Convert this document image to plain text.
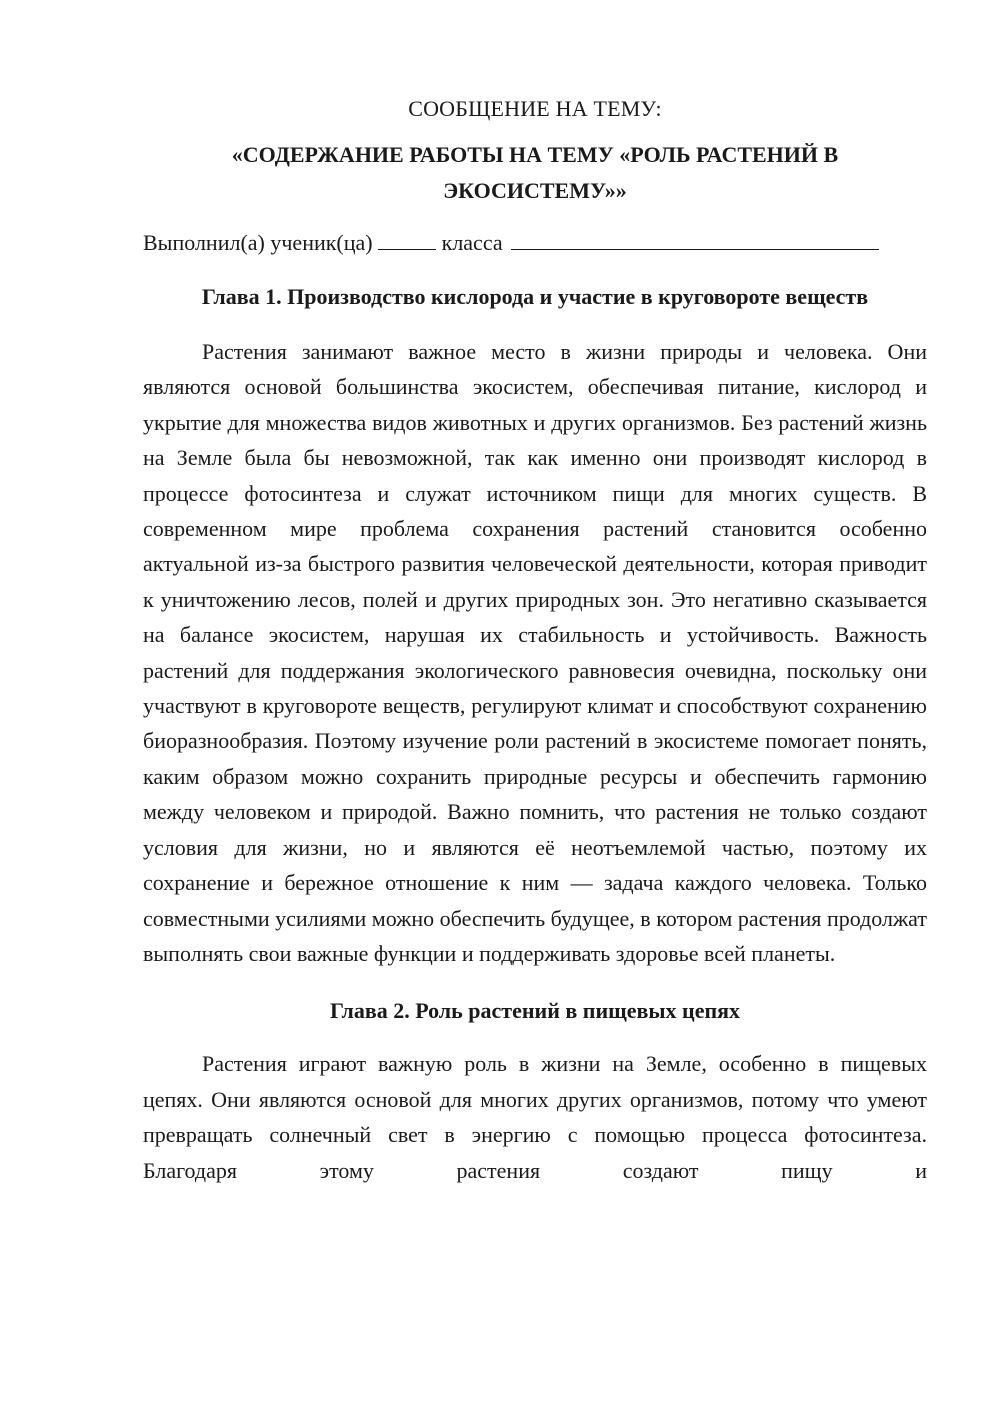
СООБЩЕНИЕ НА ТЕМУ:
«СОДЕРЖАНИЕ РАБОТЫ НА ТЕМУ «РОЛЬ РАСТЕНИЙ В ЭКОСИСТЕМУ»»

Выполнил(а) ученик(ца)	класса

Глава 1. Производство кислорода и участие в круговороте веществ

Растения занимают важное место в жизни природы и человека. Они являются основой большинства экосистем, обеспечивая питание, кислород и укрытие для множества видов животных и других организмов. Без растений жизнь на Земле была бы невозможной, так как именно они производят кислород в процессе фотосинтеза и служат источником пищи для многих существ. В современном мире проблема сохранения растений становится особенно актуальной из-за быстрого развития человеческой деятельности, которая приводит к уничтожению лесов, полей и других природных зон. Это негативно сказывается на балансе экосистем, нарушая их стабильность и устойчивость. Важность растений для поддержания экологического равновесия очевидна, поскольку они участвуют в круговороте веществ, регулируют климат и способствуют сохранению биоразнообразия. Поэтому изучение роли растений в экосистеме помогает понять, каким образом можно сохранить природные ресурсы и обеспечить гармонию между человеком и природой. Важно помнить, что растения не только создают условия для жизни, но и являются её неотъемлемой частью, поэтому их сохранение и бережное отношение к ним — задача каждого человека. Только совместными усилиями можно обеспечить будущее, в котором растения продолжат выполнять свои важные функции и поддерживать здоровье всей планеты.

Глава 2. Роль растений в пищевых цепях

Растения играют важную роль в жизни на Земле, особенно в пищевых цепях. Они являются основой для многих других организмов, потому что умеют превращать солнечный свет в энергию с помощью процесса фотосинтеза. Благодаря этому растения создают пищу и
